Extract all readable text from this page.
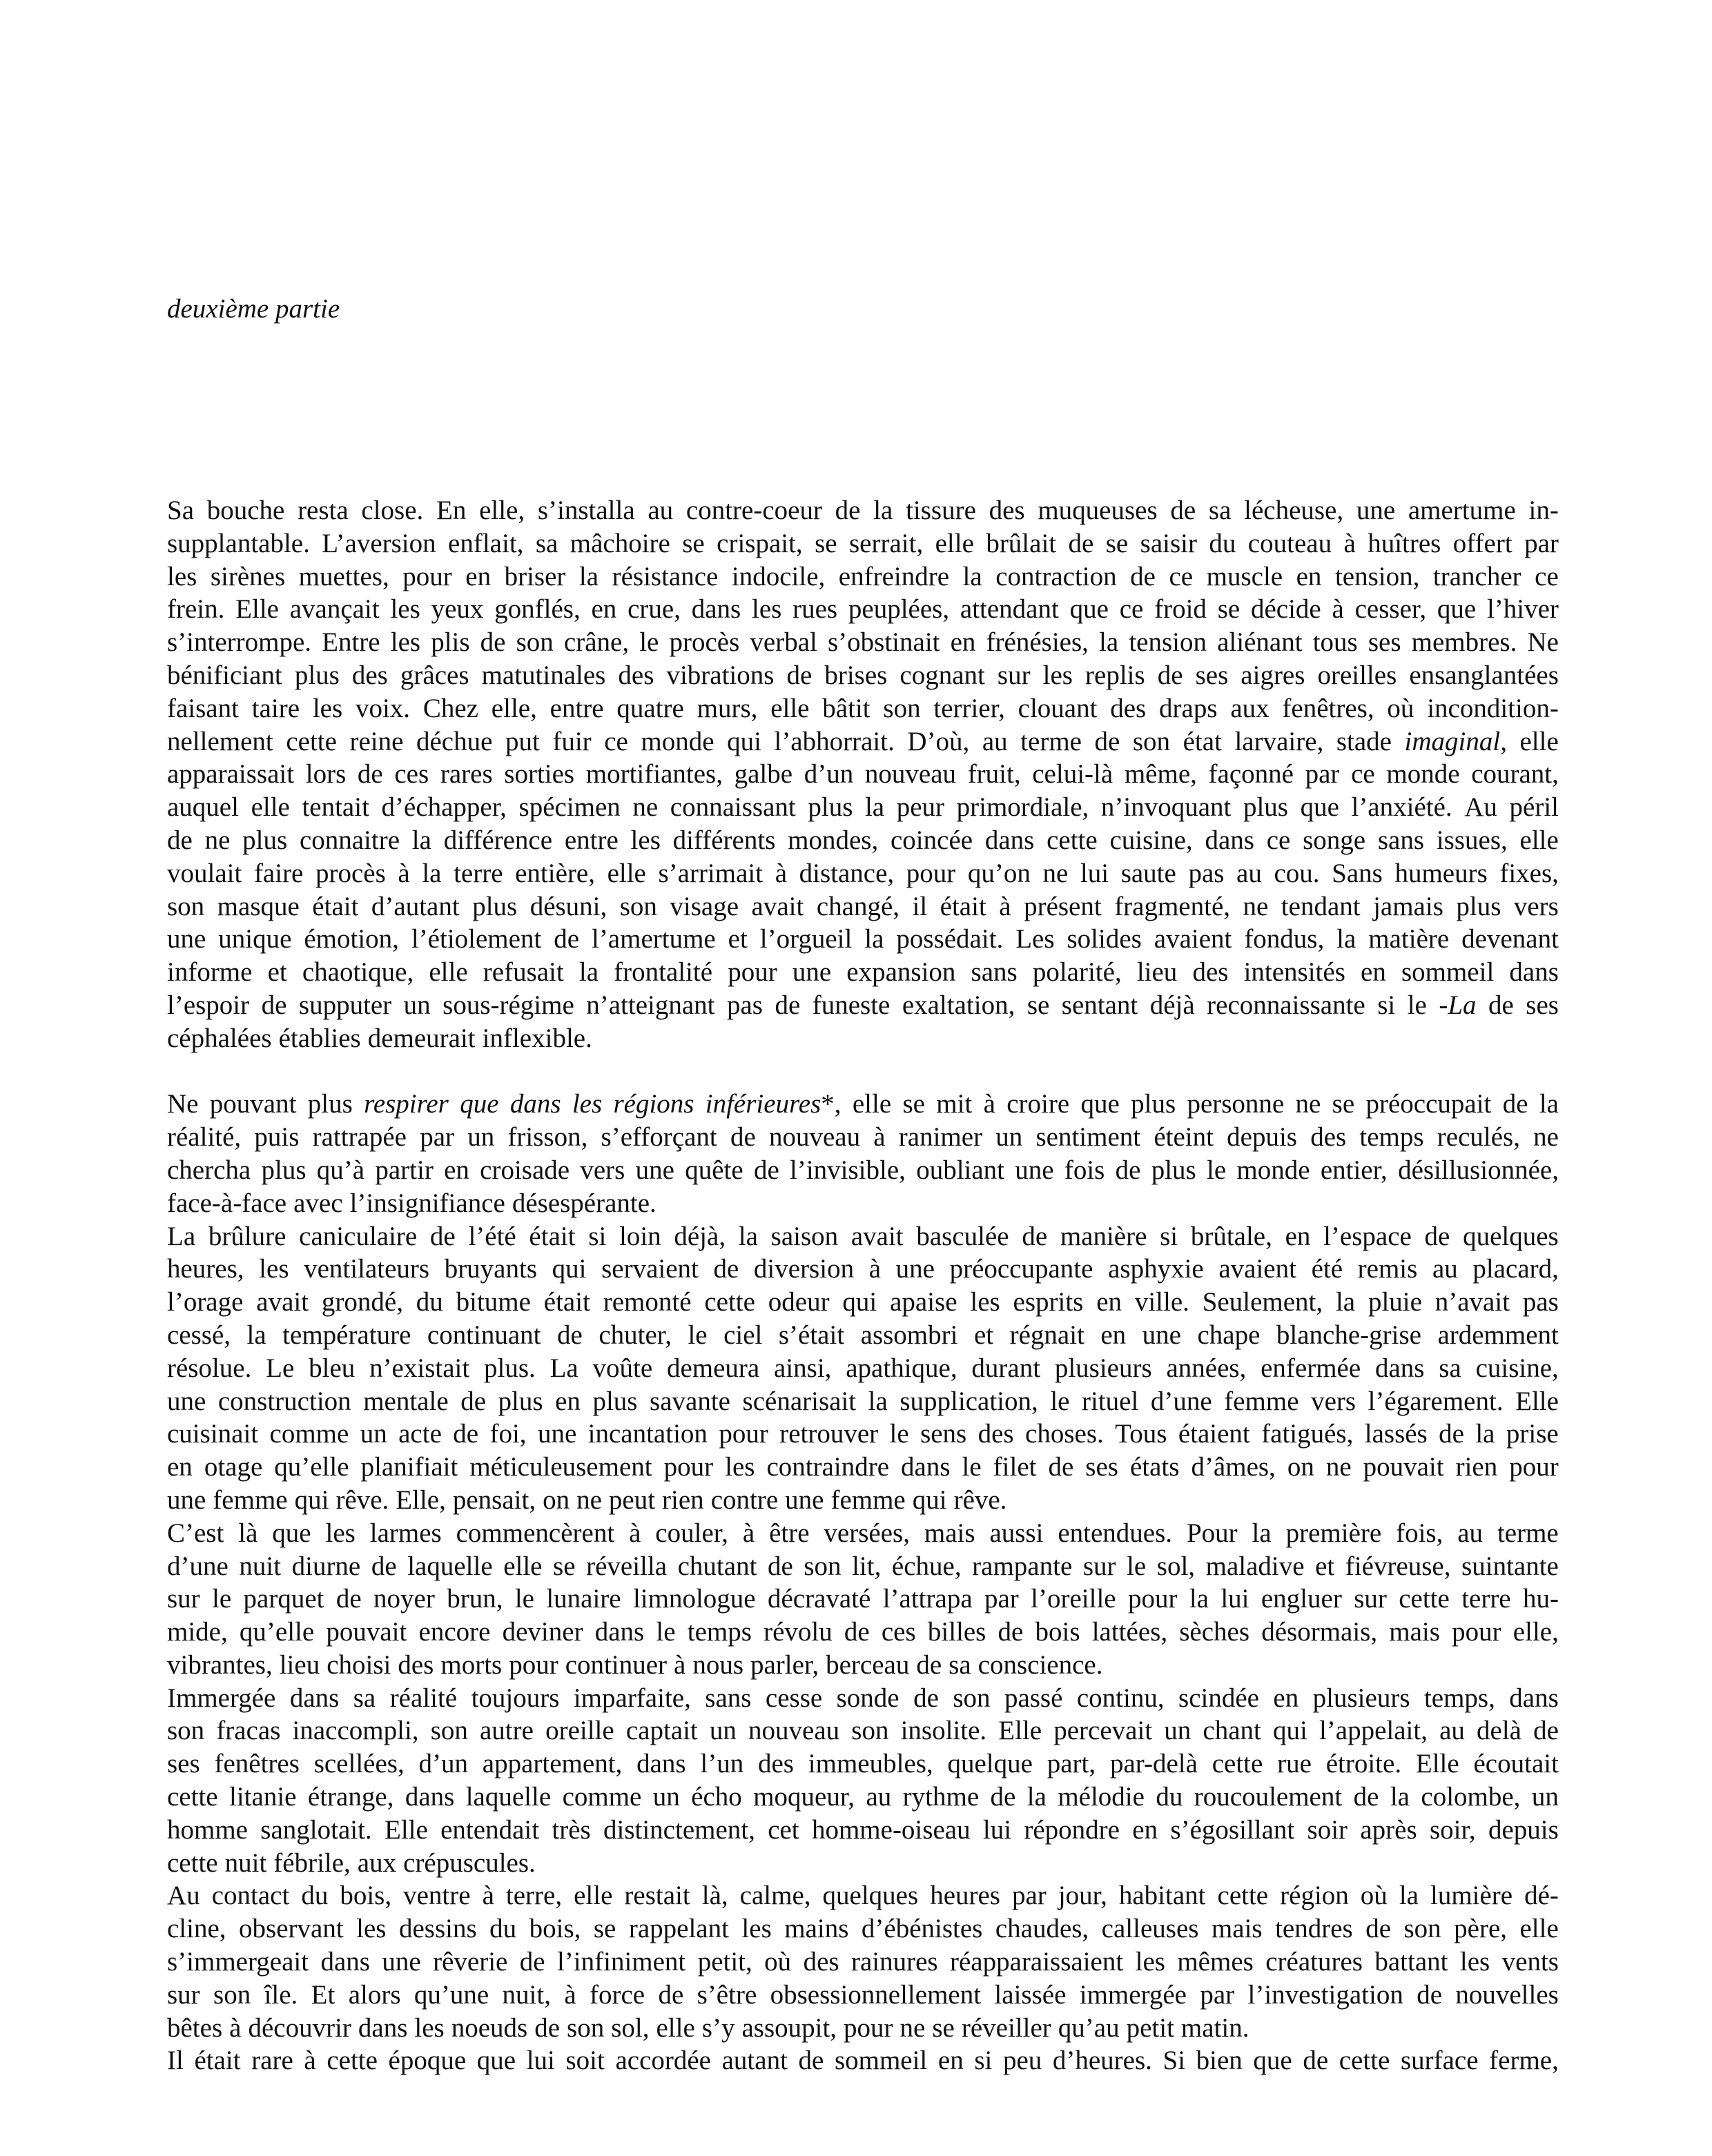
deuxième partie

Sa bouche resta close. En elle, s’installa au contre-coeur de la tissure des muqueuses de sa lécheuse, une amertume in-
supplantable. L’aversion enflait, sa mâchoire se crispait, se serrait, elle brûlait de se saisir du couteau à huîtres offert par
les sirènes muettes, pour en briser la résistance indocile, enfreindre la contraction de ce muscle en tension, trancher ce
frein. Elle avançait les yeux gonflés, en crue, dans les rues peuplées, attendant que ce froid se décide à cesser, que l’hiver
s’interrompe. Entre les plis de son crâne, le procès verbal s’obstinait en frénésies, la tension aliénant tous ses membres. Ne
bénificiant plus des grâces matutinales des vibrations de brises cognant sur les replis de ses aigres oreilles ensanglantées
faisant taire les voix. Chez elle, entre quatre murs, elle bâtit son terrier, clouant des draps aux fenêtres, où incondition-
nellement cette reine déchue put fuir ce monde qui l’abhorrait. D’où, au terme de son état larvaire, stade imaginal, elle
apparaissait lors de ces rares sorties mortifiantes, galbe d’un nouveau fruit, celui-là même, façonné par ce monde courant,
auquel elle tentait d’échapper, spécimen ne connaissant plus la peur primordiale, n’invoquant plus que l’anxiété. Au péril
de ne plus connaitre la différence entre les différents mondes, coincée dans cette cuisine, dans ce songe sans issues, elle
voulait faire procès à la terre entière, elle s’arrimait à distance, pour qu’on ne lui saute pas au cou. Sans humeurs fixes,
son masque était d’autant plus désuni, son visage avait changé, il était à présent fragmenté, ne tendant jamais plus vers
une unique émotion, l’étiolement de l’amertume et l’orgueil la possédait. Les solides avaient fondus, la matière devenant
informe et chaotique, elle refusait la frontalité pour une expansion sans polarité, lieu des intensités en sommeil dans
l’espoir de supputer un sous-régime n’atteignant pas de funeste exaltation, se sentant déjà reconnaissante si le -La de ses
céphalées établies demeurait inflexible.
Ne pouvant plus respirer que dans les régions inférieures*, elle se mit à croire que plus personne ne se préoccupait de la
réalité, puis rattrapée par un frisson, s’efforçant de nouveau à ranimer un sentiment éteint depuis des temps reculés, ne
chercha plus qu’à partir en croisade vers une quête de l’invisible, oubliant une fois de plus le monde entier, désillusionnée,
face-à-face avec l’insignifiance désespérante.
La brûlure caniculaire de l’été était si loin déjà, la saison avait basculée de manière si brûtale, en l’espace de quelques
heures, les ventilateurs bruyants qui servaient de diversion à une préoccupante asphyxie avaient été remis au placard,
l’orage avait grondé, du bitume était remonté cette odeur qui apaise les esprits en ville. Seulement, la pluie n’avait pas
cessé, la température continuant de chuter, le ciel s’était assombri et régnait en une chape blanche-grise ardemment
résolue. Le bleu n’existait plus. La voûte demeura ainsi, apathique, durant plusieurs années, enfermée dans sa cuisine,
une construction mentale de plus en plus savante scénarisait la supplication, le rituel d’une femme vers l’égarement. Elle
cuisinait comme un acte de foi, une incantation pour retrouver le sens des choses. Tous étaient fatigués, lassés de la prise
en otage qu’elle planifiait méticuleusement pour les contraindre dans le filet de ses états d’âmes, on ne pouvait rien pour
une femme qui rêve. Elle, pensait, on ne peut rien contre une femme qui rêve.
C’est là que les larmes commencèrent à couler, à être versées, mais aussi entendues. Pour la première fois, au terme
d’une nuit diurne de laquelle elle se réveilla chutant de son lit, échue, rampante sur le sol, maladive et fiévreuse, suintante
sur le parquet de noyer brun, le lunaire limnologue décravaté l’attrapa par l’oreille pour la lui engluer sur cette terre hu-
mide, qu’elle pouvait encore deviner dans le temps révolu de ces billes de bois lattées, sèches désormais, mais pour elle,
vibrantes, lieu choisi des morts pour continuer à nous parler, berceau de sa conscience.
Immergée dans sa réalité toujours imparfaite, sans cesse sonde de son passé continu, scindée en plusieurs temps, dans
son fracas inaccompli, son autre oreille captait un nouveau son insolite. Elle percevait un chant qui l’appelait, au delà de
ses fenêtres scellées, d’un appartement, dans l’un des immeubles, quelque part, par-delà cette rue étroite. Elle écoutait
cette litanie étrange, dans laquelle comme un écho moqueur, au rythme de la mélodie du roucoulement de la colombe, un
homme sanglotait. Elle entendait très distinctement, cet homme-oiseau lui répondre en s’égosillant soir après soir, depuis
cette nuit fébrile, aux crépuscules.
Au contact du bois, ventre à terre, elle restait là, calme, quelques heures par jour, habitant cette région où la lumière dé-
cline, observant les dessins du bois, se rappelant les mains d’ébénistes chaudes, calleuses mais tendres de son père, elle
s’immergeait dans une rêverie de l’infiniment petit, où des rainures réapparaissaient les mêmes créatures battant les vents
sur son île. Et alors qu’une nuit, à force de s’être obsessionnellement laissée immergée par l’investigation de nouvelles
bêtes à découvrir dans les noeuds de son sol, elle s’y assoupit, pour ne se réveiller qu’au petit matin.
Il était rare à cette époque que lui soit accordée autant de sommeil en si peu d’heures. Si bien que de cette surface ferme,
